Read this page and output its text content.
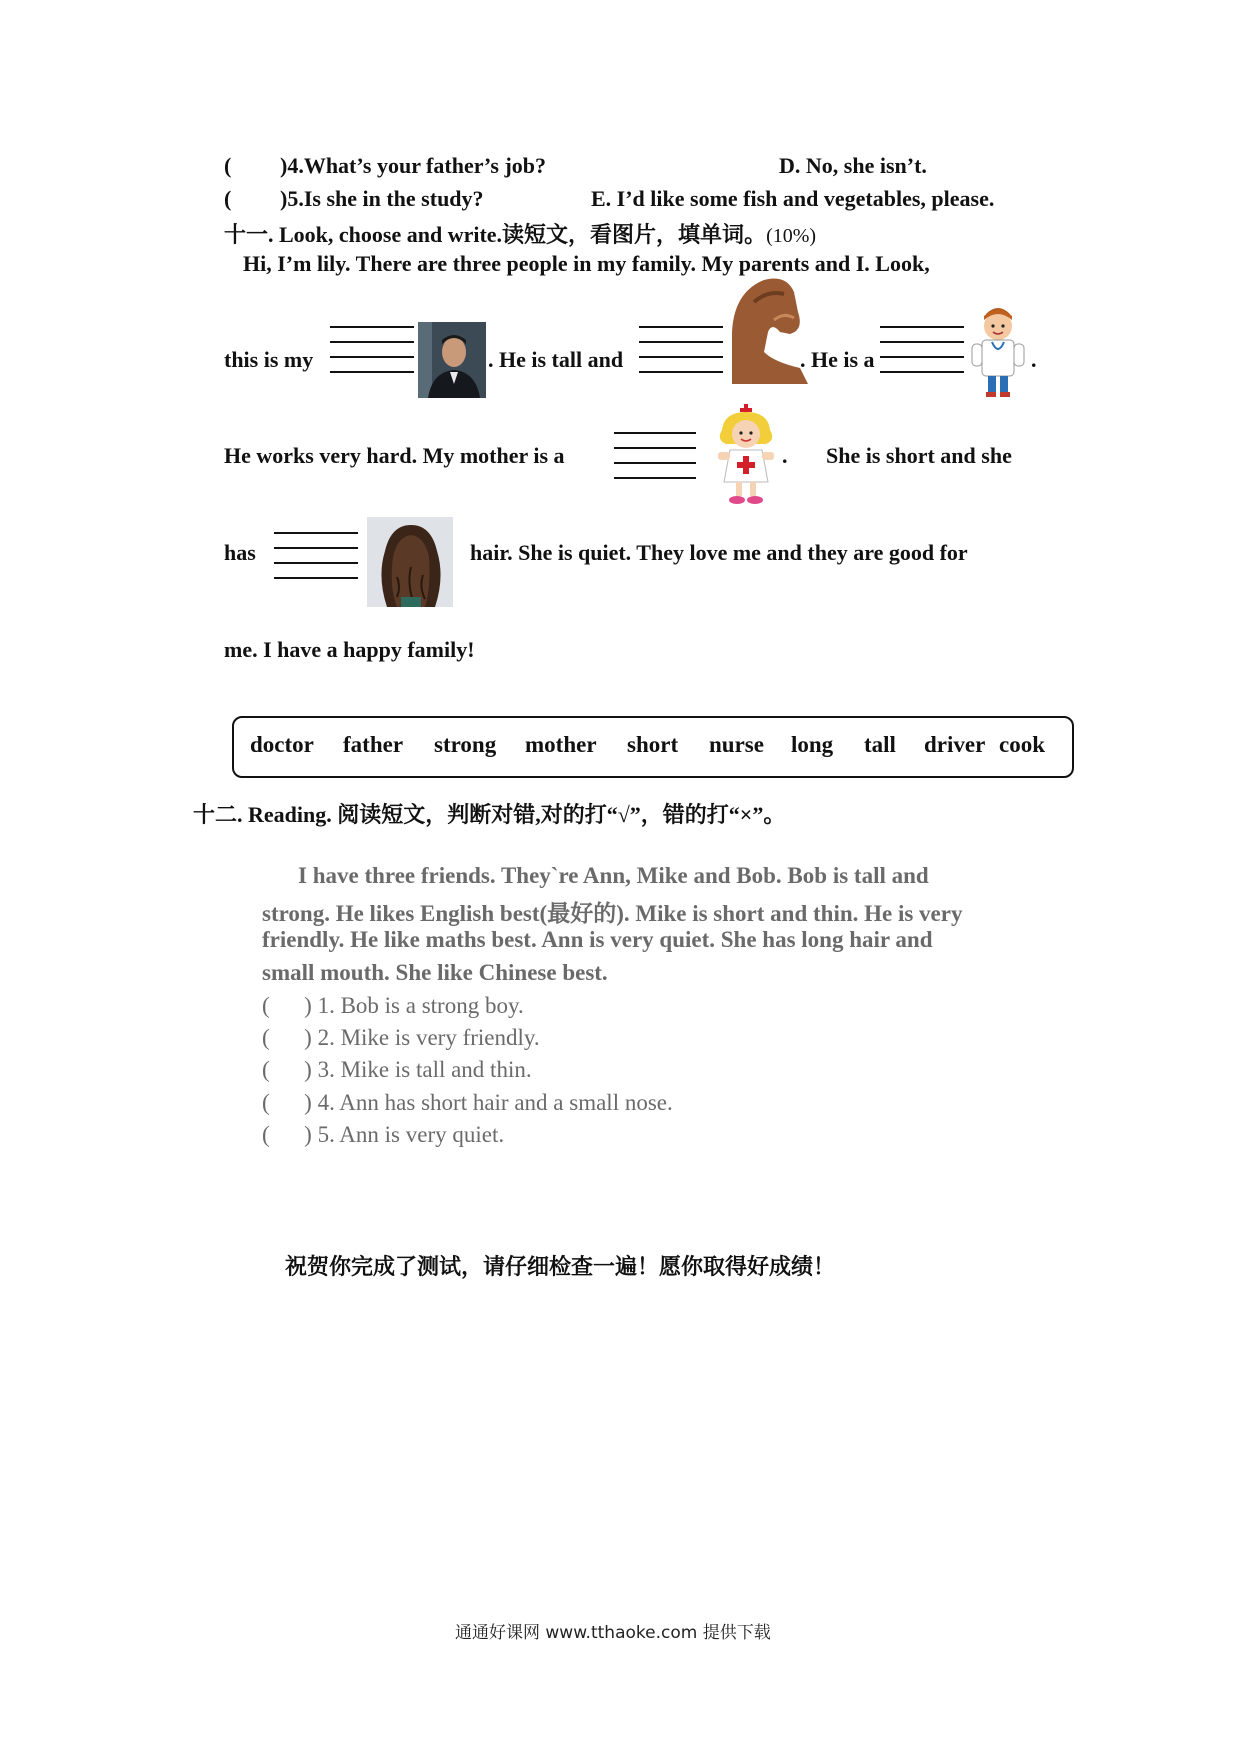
( )4.What’s your father’s job?	D. No, she isn’t.
( )5.Is she in the study?	E. I’d like some fish and vegetables, please.
十一. Look, choose and write.读短文，看图片，填单词。(10%)
Hi, I’m lily. There are three people in my family. My parents and I. Look,
this is my	. He is tall and	. He is a	.
He works very hard. My mother is a	. She is short and she
has	hair. She is quiet. They love me and they are good for
me. I have a happy family!
doctor father strong mother short nurse long tall driver cook
十二. Reading. 阅读短文，判断对错,对的打“√”，错的打“×”。
I have three friends. They`re Ann, Mike and Bob. Bob is tall and
strong. He likes English best(最好的). Mike is short and thin. He is very
friendly. He like maths best. Ann is very quiet. She has long hair and
small mouth. She like Chinese best.
(      ) 1. Bob is a strong boy.
(      ) 2. Mike is very friendly.
(      ) 3. Mike is tall and thin.
(      ) 4. Ann has short hair and a small nose.
(      ) 5. Ann is very quiet.
祝贺你完成了测试，请仔细检查一遍！愿你取得好成绩！
通通好课网 www.tthaoke.com 提供下载
